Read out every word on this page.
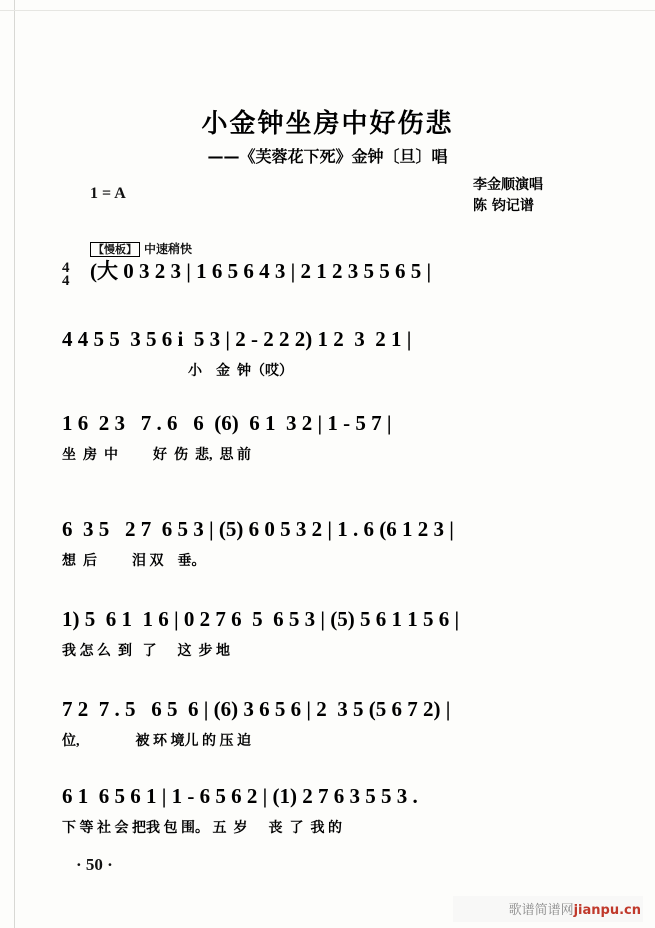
小金钟坐房中好伤悲
——《芙蓉花下死》金钟〔旦〕唱
李金顺演唱
陈 钧记谱
1 = A
【慢板】 中速稍快
4
4 (大 0 3 2 3 | 1 6 5 6 4 3 | 2 1 2 3 5 5 6 5 |
4 4 5 5  3 5 6 i  5 3 | 2 - 2 2 2) 1 2  3  2 1 |
小    金  钟（哎）
1 6  2 3   7 . 6   6  (6)  6 1  3 2 | 1 - 5 7 |
坐  房  中          好  伤  悲,  思 前
6  3 5   2 7  6 5 3 | (5) 6 0 5 3 2 | 1 . 6 (6 1 2 3 |
想  后          泪 双    垂。
1) 5  6 1  1 6 | 0 2 7 6  5  6 5 3 | (5) 5 6 1 1 5 6 |
我 怎 么  到   了      这  步 地
7 2  7 . 5   6 5  6 | (6) 3 6 5 6 | 2  3 5 (5 6 7 2) |
位,                被 环 境儿 的 压 迫
6 1  6 5 6 1 | 1 - 6 5 6 2 | (1) 2 7 6 3 5 5 3 .
下 等 社 会 把我 包 围。 五  岁      丧  了  我 的
· 50 ·
歌谱简谱网jianpu.cn
